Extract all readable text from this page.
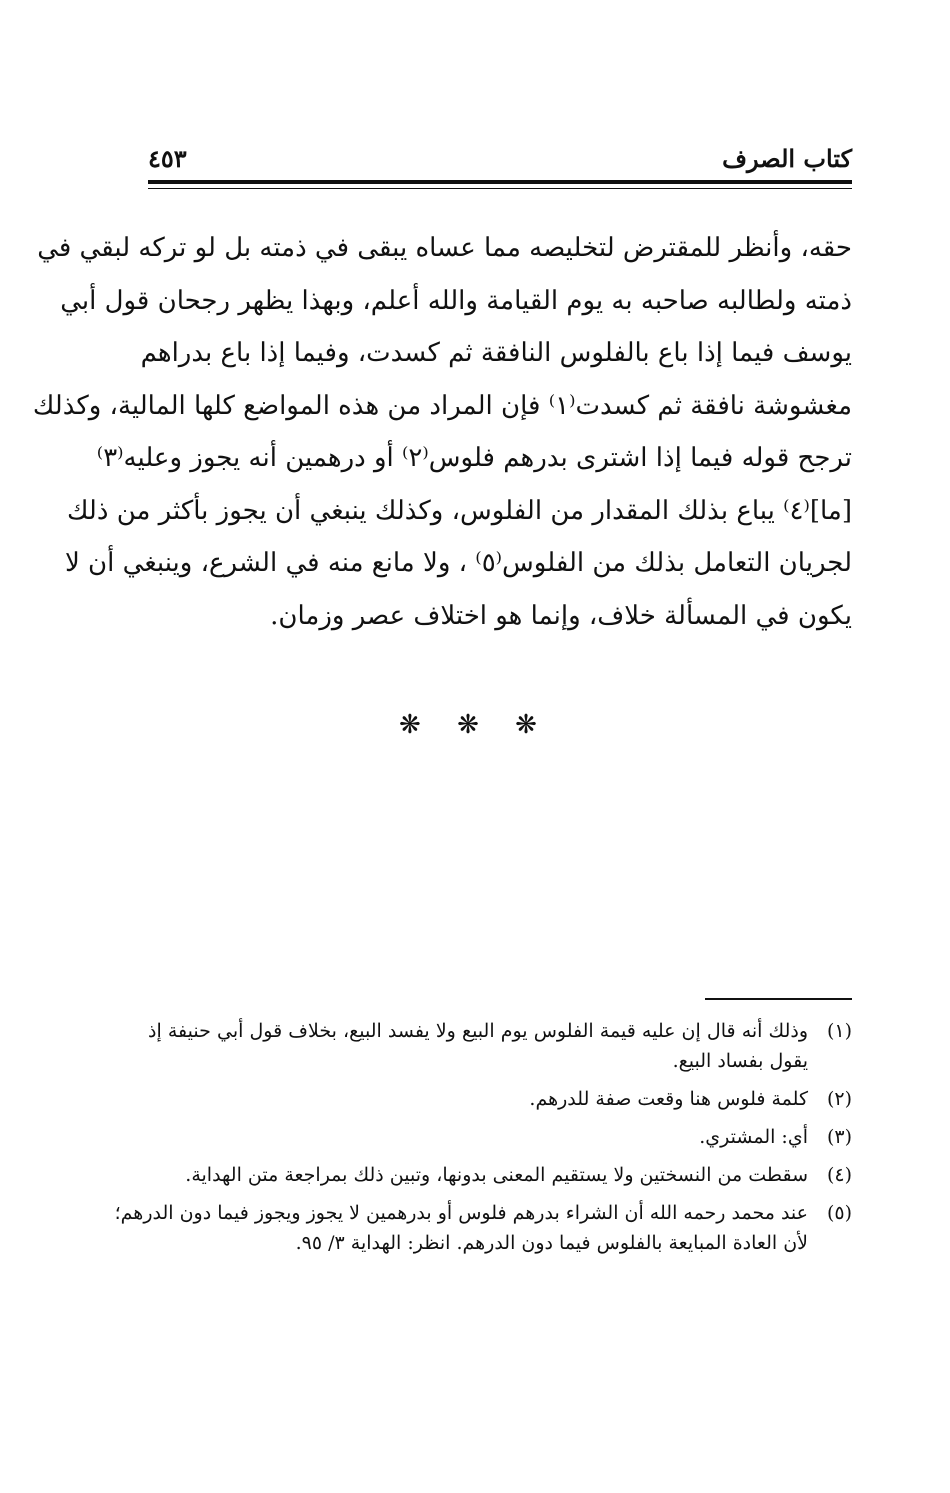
كتاب الصرف
٤٥٣
حقه، وأنظر للمقترض لتخليصه مما عساه يبقى في ذمته بل لو تركه لبقي في
ذمته ولطالبه صاحبه به يوم القيامة والله أعلم، وبهذا يظهر رجحان قول أبي
يوسف فيما إذا باع بالفلوس النافقة ثم كسدت، وفيما إذا باع بدراهم
مغشوشة نافقة ثم كسدت⁽١⁾ فإن المراد من هذه المواضع كلها المالية، وكذلك
ترجح قوله فيما إذا اشترى بدرهم فلوس⁽٢⁾ أو درهمين أنه يجوز وعليه⁽٣⁾
[ما]⁽٤⁾ يباع بذلك المقدار من الفلوس، وكذلك ينبغي أن يجوز بأكثر من ذلك
لجريان التعامل بذلك من الفلوس⁽٥⁾ ، ولا مانع منه في الشرع، وينبغي أن لا
يكون في المسألة خلاف، وإنما هو اختلاف عصر وزمان.
❋ ❋ ❋
(١)
وذلك أنه قال إن عليه قيمة الفلوس يوم البيع ولا يفسد البيع، بخلاف قول أبي حنيفة إذ
يقول بفساد البيع.
(٢)
كلمة فلوس هنا وقعت صفة للدرهم.
(٣)
أي: المشتري.
(٤)
سقطت من النسختين ولا يستقيم المعنى بدونها، وتبين ذلك بمراجعة متن الهداية.
(٥)
عند محمد رحمه الله أن الشراء بدرهم فلوس أو بدرهمين لا يجوز ويجوز فيما دون الدرهم؛
لأن العادة المبايعة بالفلوس فيما دون الدرهم. انظر: الهداية ٣/ ٩٥.
